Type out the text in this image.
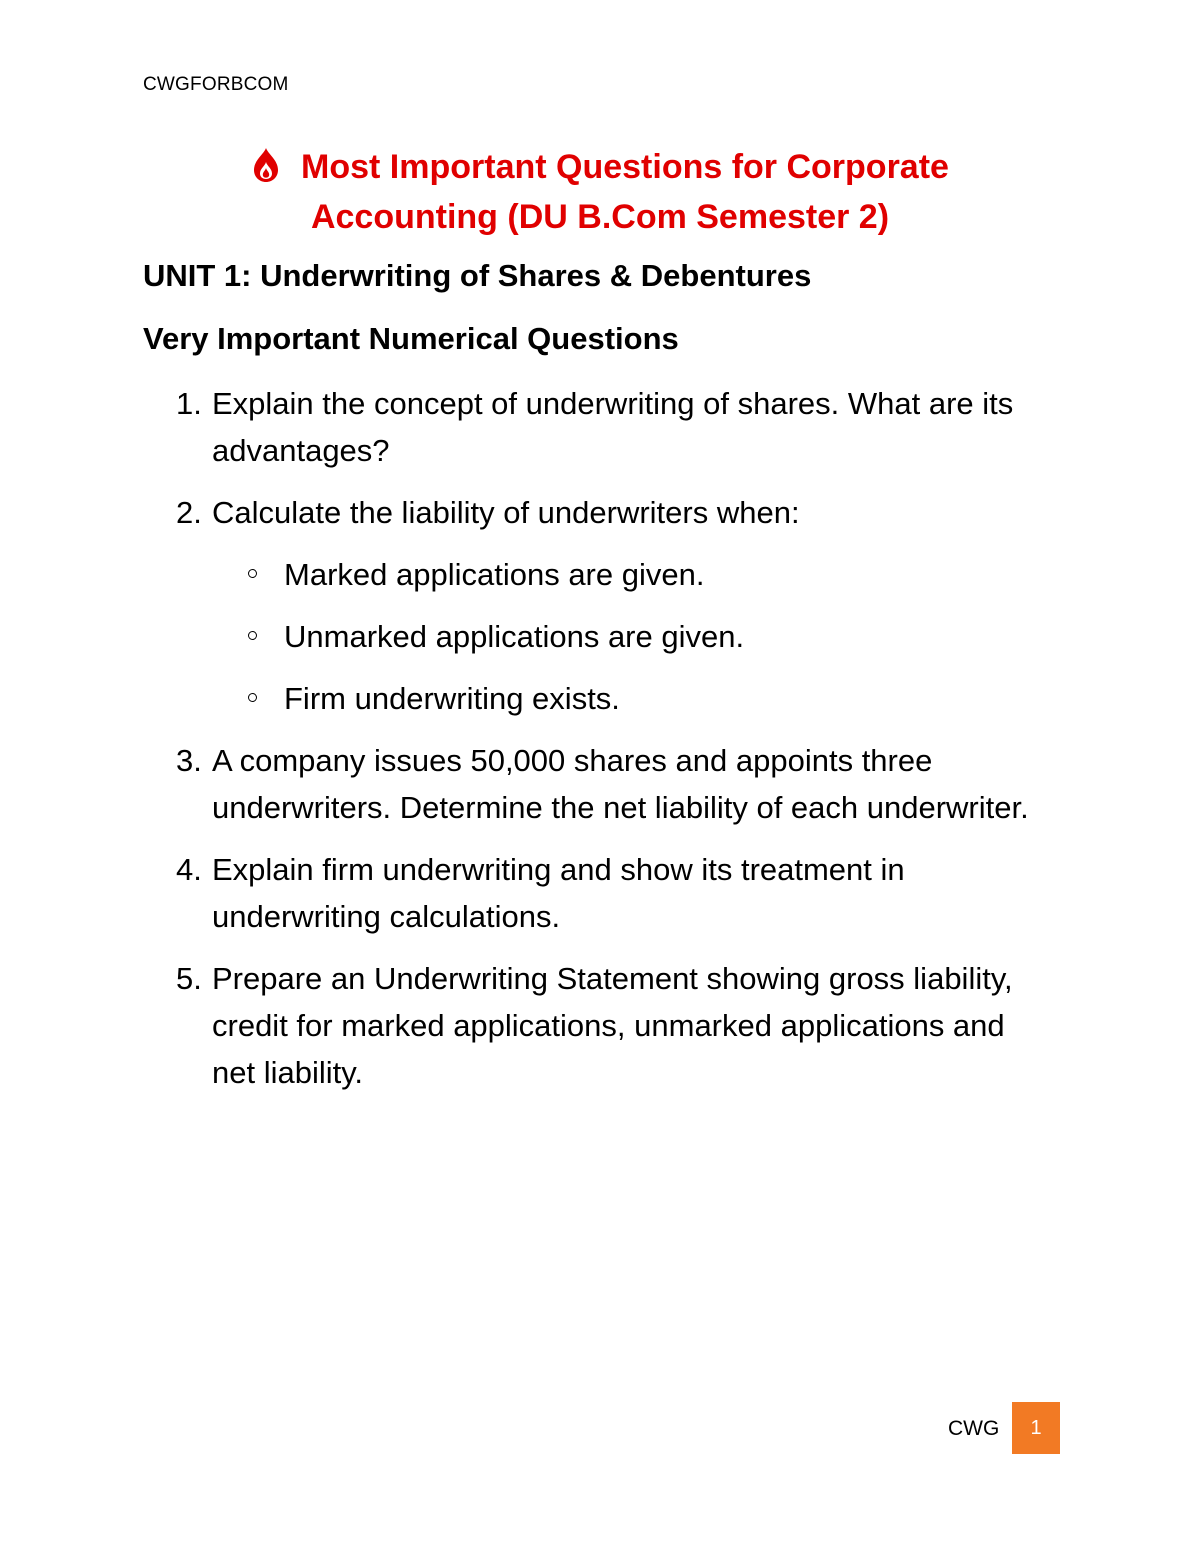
CWGFORBCOM
Most Important Questions for Corporate
Accounting (DU B.Com Semester 2)
UNIT 1: Underwriting of Shares & Debentures
Very Important Numerical Questions
1. Explain the concept of underwriting of shares. What are its advantages?
2. Calculate the liability of underwriters when:
Marked applications are given.
Unmarked applications are given.
Firm underwriting exists.
3. A company issues 50,000 shares and appoints three underwriters. Determine the net liability of each underwriter.
4. Explain firm underwriting and show its treatment in underwriting calculations.
5. Prepare an Underwriting Statement showing gross liability, credit for marked applications, unmarked applications and net liability.
CWG	1
